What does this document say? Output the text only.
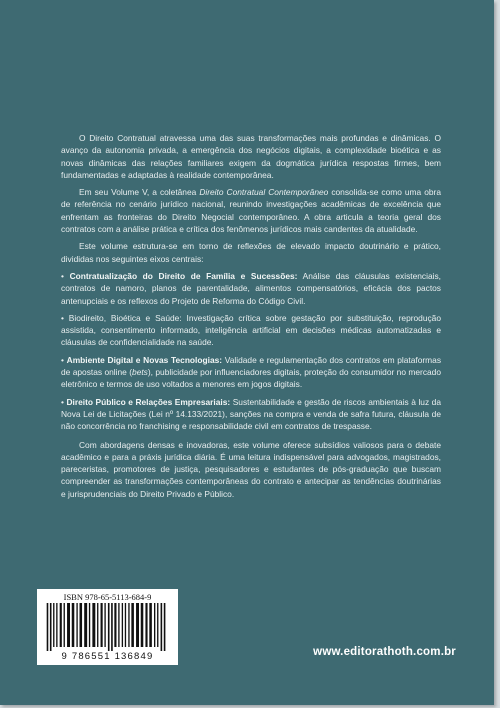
O Direito Contratual atravessa uma das suas transformações mais profundas e dinâmicas. O avanço da autonomia privada, a emergência dos negócios digitais, a complexidade bioética e as novas dinâmicas das relações familiares exigem da dogmática jurídica respostas firmes, bem fundamentadas e adaptadas à realidade contemporânea.

Em seu Volume V, a coletânea Direito Contratual Contemporâneo consolida-se como uma obra de referência no cenário jurídico nacional, reunindo investigações acadêmicas de excelência que enfrentam as fronteiras do Direito Negocial contemporâneo. A obra articula a teoria geral dos contratos com a análise prática e crítica dos fenômenos jurídicos mais candentes da atualidade.

Este volume estrutura-se em torno de reflexões de elevado impacto doutrinário e prático, divididas nos seguintes eixos centrais:

• Contratualização do Direito de Família e Sucessões: Análise das cláusulas existenciais, contratos de namoro, planos de parentalidade, alimentos compensatórios, eficácia dos pactos antenupciais e os reflexos do Projeto de Reforma do Código Civil.
• Biodireito, Bioética e Saúde: Investigação crítica sobre gestação por substituição, reprodução assistida, consentimento informado, inteligência artificial em decisões médicas automatizadas e cláusulas de confidencialidade na saúde.
• Ambiente Digital e Novas Tecnologias: Validade e regulamentação dos contratos em plataformas de apostas online (bets), publicidade por influenciadores digitais, proteção do consumidor no mercado eletrônico e termos de uso voltados a menores em jogos digitais.
• Direito Público e Relações Empresariais: Sustentabilidade e gestão de riscos ambientais à luz da Nova Lei de Licitações (Lei nº 14.133/2021), sanções na compra e venda de safra futura, cláusula de não concorrência no franchising e responsabilidade civil em contratos de trespasse.

Com abordagens densas e inovadoras, este volume oferece subsídios valiosos para o debate acadêmico e para a práxis jurídica diária. É uma leitura indispensável para advogados, magistrados, pareceristas, promotores de justiça, pesquisadores e estudantes de pós-graduação que buscam compreender as transformações contemporâneas do contrato e antecipar as tendências doutrinárias e jurisprudenciais do Direito Privado e Público.

ISBN 978-65-5113-684-9
9 786551 136849	www.editorathoth.com.br
